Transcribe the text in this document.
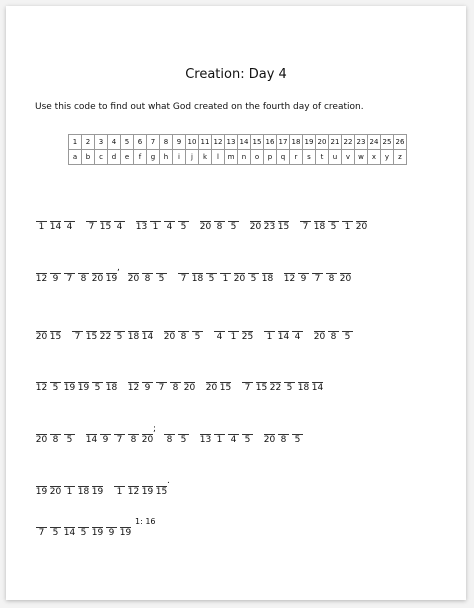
Creation: Day 4
Use this code to find out what God created on the fourth day of creation.
1	2	3	4	5	6	7	8	9	10	11	12	13	14	15	16	17	18	19	20	21	22	23	24	25	26
a	b	c	d	e	f	g	h	i	j	k	l	m	n	o	p	q	r	s	t	u	v	w	x	y	z
1 14 4 7 15 4 13 1 4 5 20 8 5 20 23 15 7 18 5 1 20
12 9 7 8 20 19
,
20 8 5 7 18 5 1 20 5 18 12 9 7 8 20
20 15 7 15 22 5 18 14 20 8 5 4 1 25 1 14 4 20 8 5
12 5 19 19 5 18 12 9 7 8 20 20 15 7 15 22 5 18 14
20 8 5 14 9 7 8 20
;
8 5 13 1 4 5 20 8 5
19 20 1 18 19 1 12 19 15
.
7 5 14 5 19 9 19
1: 16
